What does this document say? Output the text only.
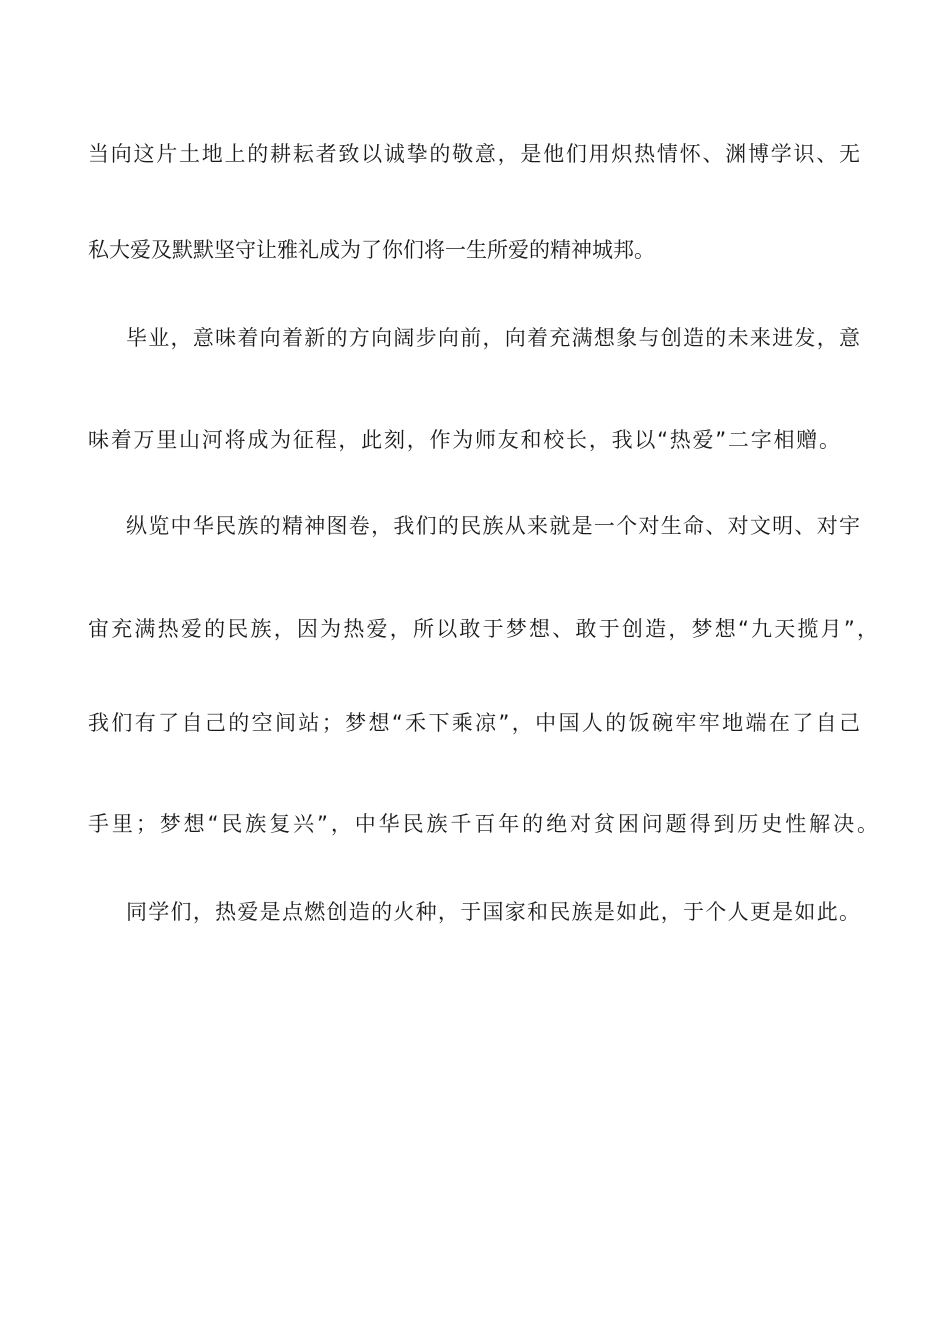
当向这片土地上的耕耘者致以诚挚的敬意，是他们用炽热情怀、渊博学识、无
私大爱及默默坚守让雅礼成为了你们将一生所爱的精神城邦。
毕业，意味着向着新的方向阔步向前，向着充满想象与创造的未来进发，意
味着万里山河将成为征程，此刻，作为师友和校长，我以“热爱”二字相赠。
纵览中华民族的精神图卷，我们的民族从来就是一个对生命、对文明、对宇
宙充满热爱的民族，因为热爱，所以敢于梦想、敢于创造，梦想“九天揽月”，
我们有了自己的空间站；梦想“禾下乘凉”，中国人的饭碗牢牢地端在了自己
手里；梦想“民族复兴”，中华民族千百年的绝对贫困问题得到历史性解决。
同学们，热爱是点燃创造的火种，于国家和民族是如此，于个人更是如此。
